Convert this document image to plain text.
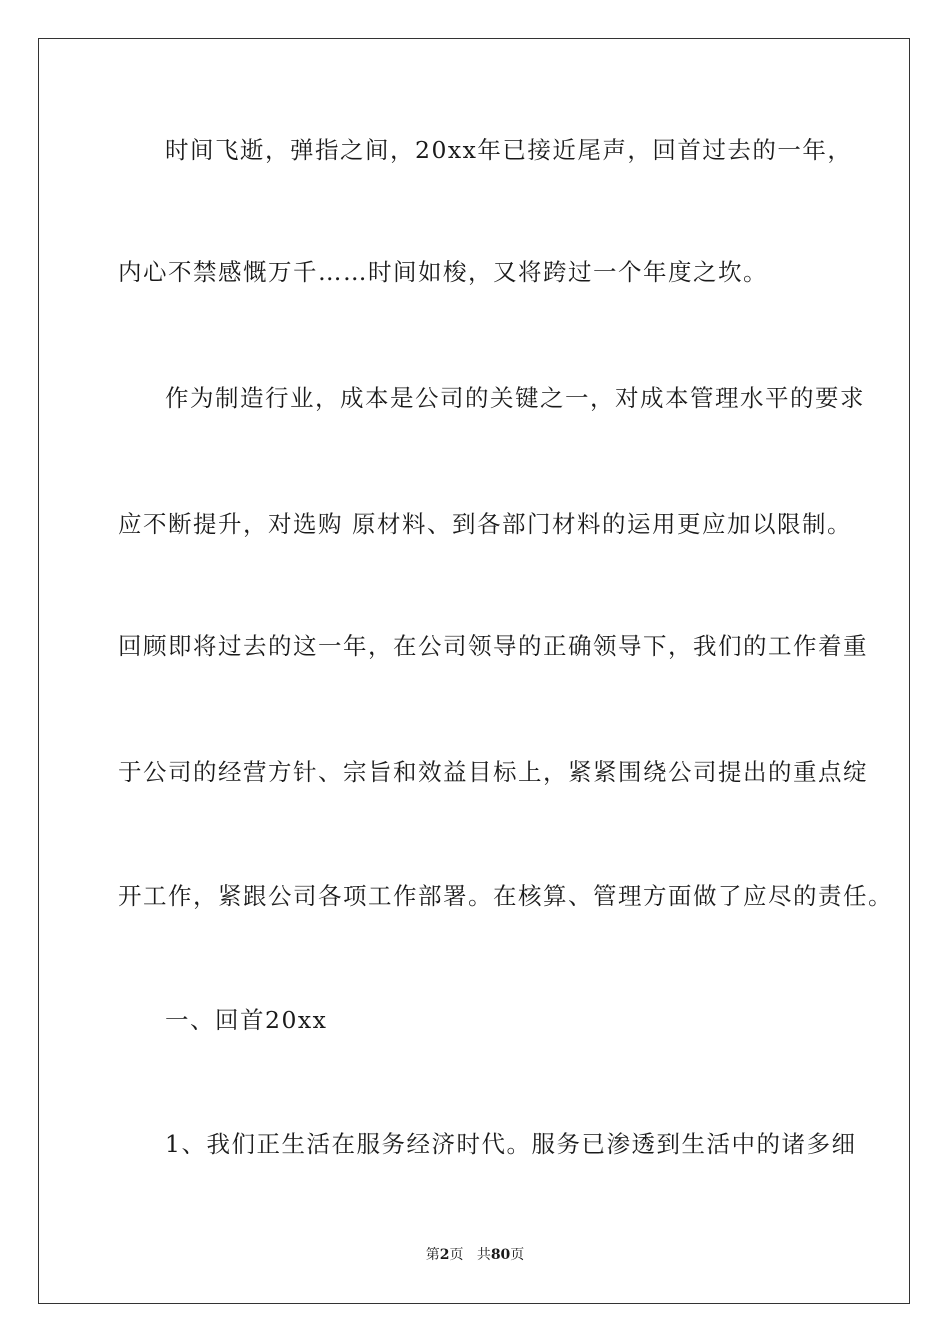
时间飞逝，弹指之间，20xx年已接近尾声，回首过去的一年，
内心不禁感慨万千……时间如梭，又将跨过一个年度之坎。
作为制造行业，成本是公司的关键之一，对成本管理水平的要求
应不断提升，对选购 原材料、到各部门材料的运用更应加以限制。
回顾即将过去的这一年，在公司领导的正确领导下，我们的工作着重
于公司的经营方针、宗旨和效益目标上，紧紧围绕公司提出的重点绽
开工作，紧跟公司各项工作部署。在核算、管理方面做了应尽的责任。
一、回首20xx
1、我们正生活在服务经济时代。服务已渗透到生活中的诸多细
第2页 共80页
